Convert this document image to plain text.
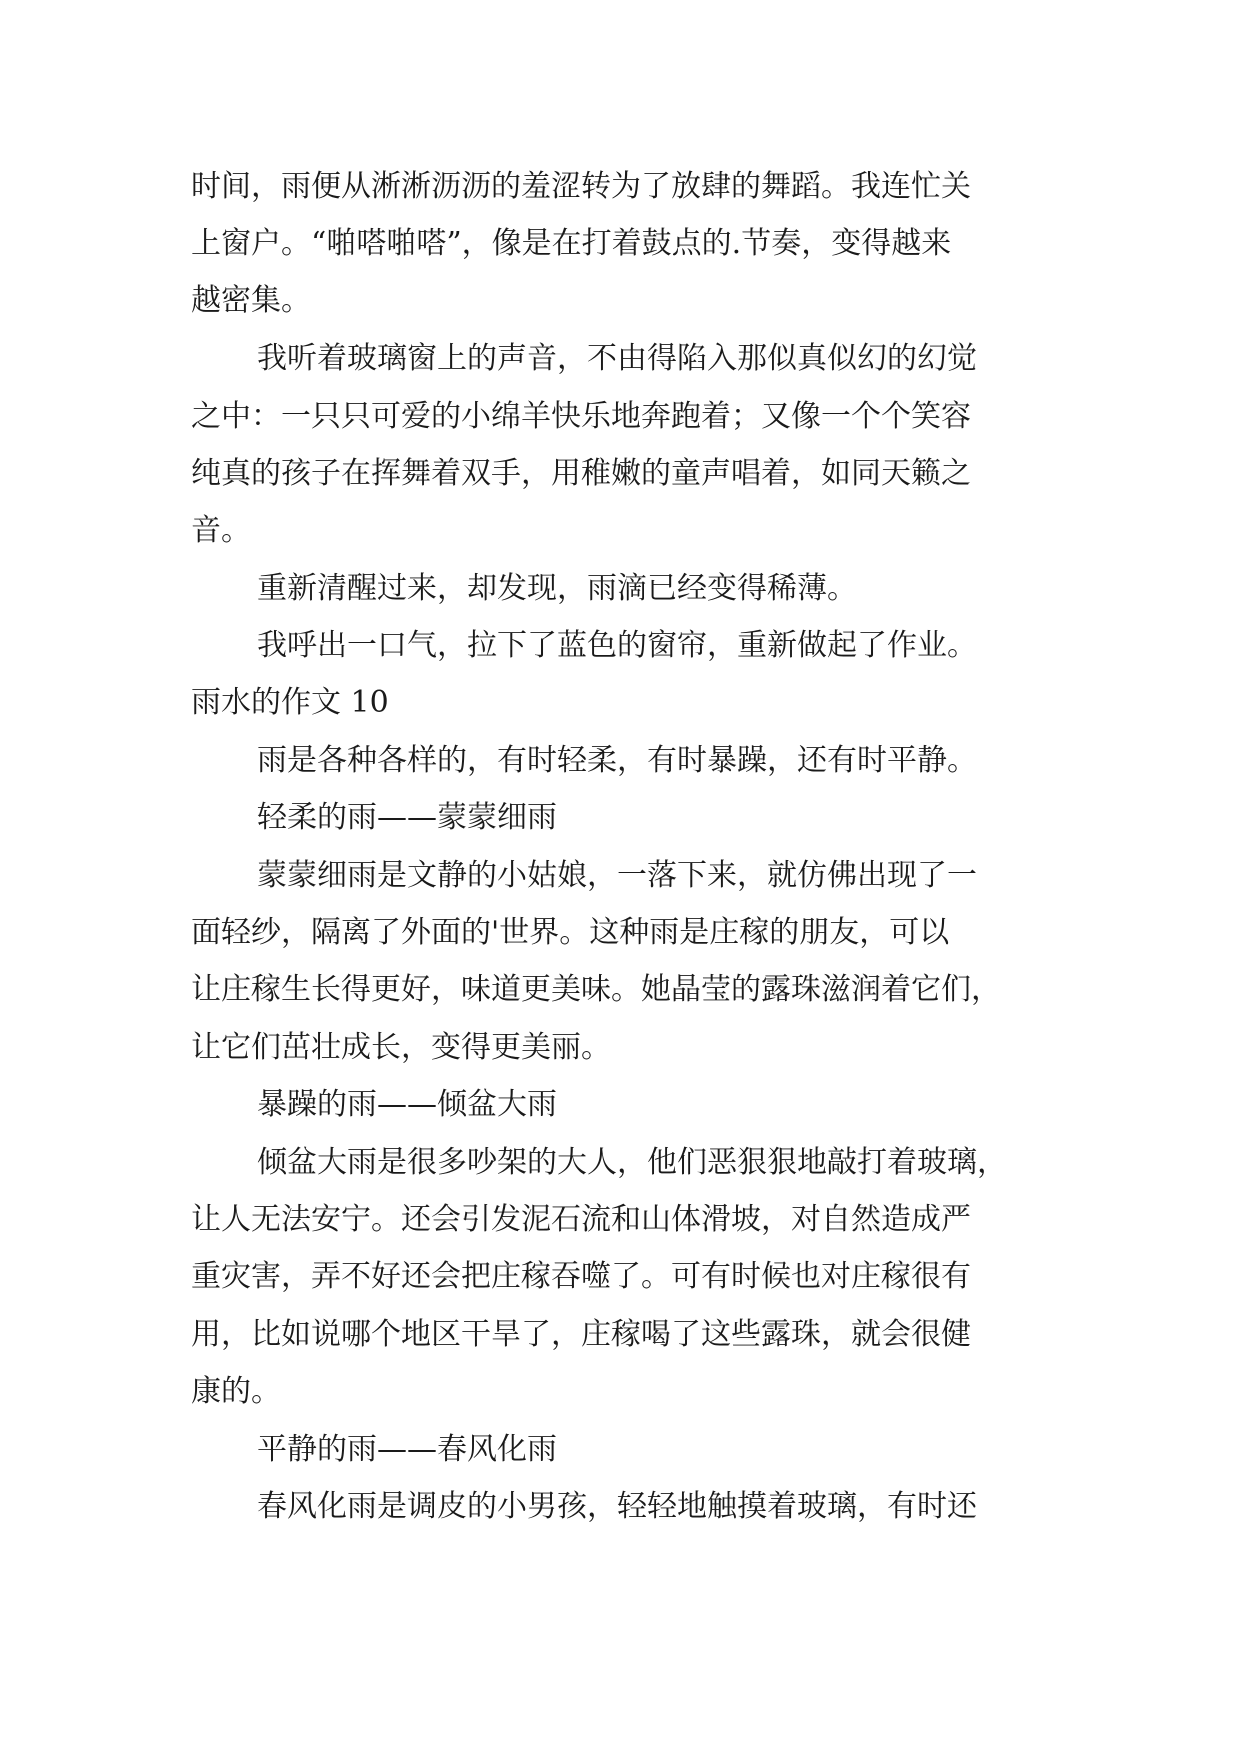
时间，雨便从淅淅沥沥的羞涩转为了放肆的舞蹈。我连忙关
上窗户。“啪嗒啪嗒”，像是在打着鼓点的.节奏，变得越来
越密集。
我听着玻璃窗上的声音，不由得陷入那似真似幻的幻觉
之中：一只只可爱的小绵羊快乐地奔跑着；又像一个个笑容
纯真的孩子在挥舞着双手，用稚嫩的童声唱着，如同天籁之
音。
重新清醒过来，却发现，雨滴已经变得稀薄。
我呼出一口气，拉下了蓝色的窗帘，重新做起了作业。
雨水的作文 10
雨是各种各样的，有时轻柔，有时暴躁，还有时平静。
轻柔的雨——蒙蒙细雨
蒙蒙细雨是文静的小姑娘，一落下来，就仿佛出现了一
面轻纱，隔离了外面的'世界。这种雨是庄稼的朋友，可以
让庄稼生长得更好，味道更美味。她晶莹的露珠滋润着它们，
让它们茁壮成长，变得更美丽。
暴躁的雨——倾盆大雨
倾盆大雨是很多吵架的大人，他们恶狠狠地敲打着玻璃，
让人无法安宁。还会引发泥石流和山体滑坡，对自然造成严
重灾害，弄不好还会把庄稼吞噬了。可有时候也对庄稼很有
用，比如说哪个地区干旱了，庄稼喝了这些露珠，就会很健
康的。
平静的雨——春风化雨
春风化雨是调皮的小男孩，轻轻地触摸着玻璃，有时还
